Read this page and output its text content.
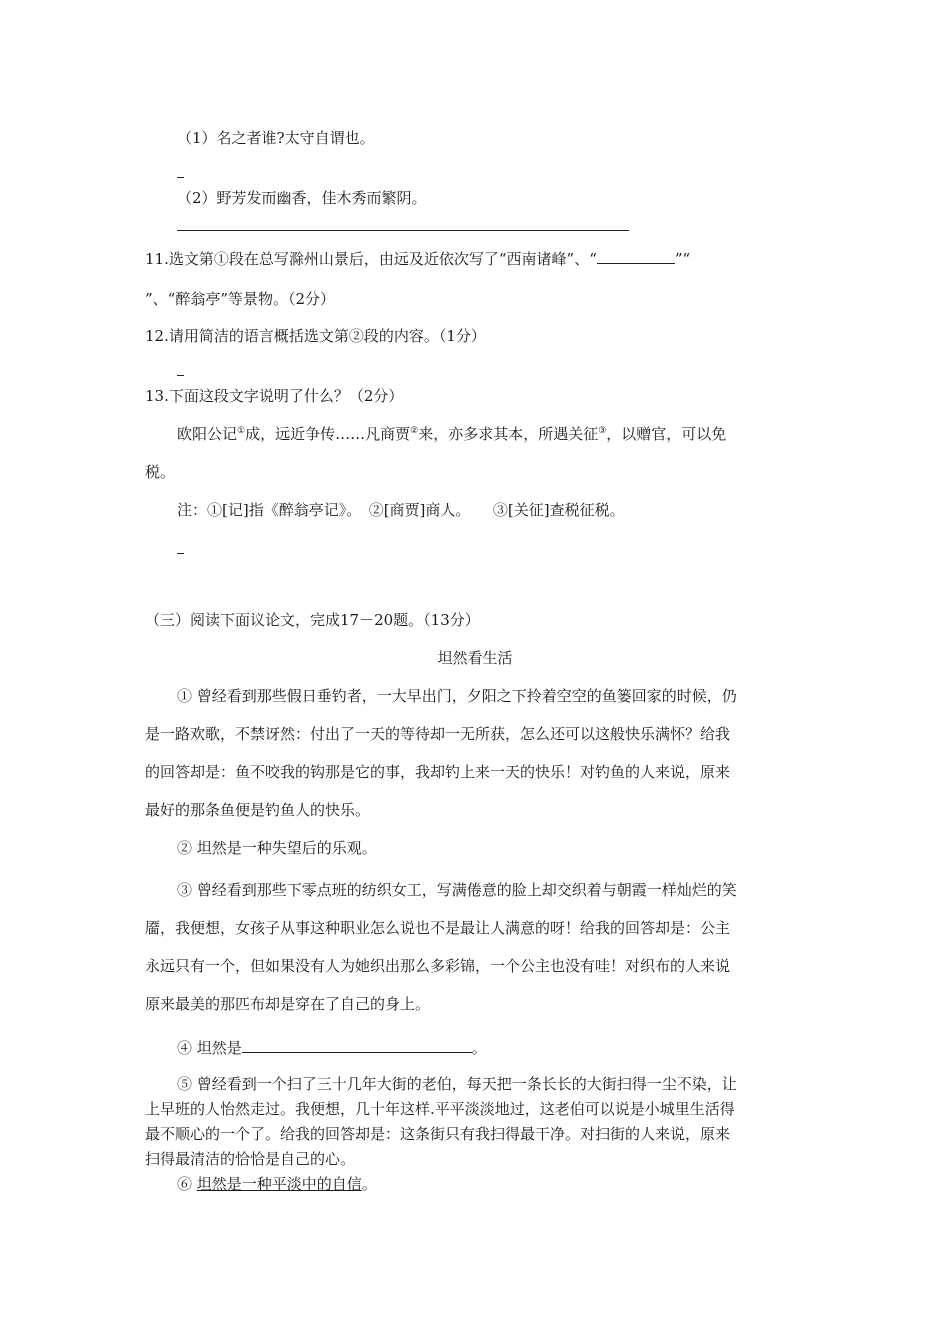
（1）名之者谁?太守自谓也。
（2）野芳发而幽香，佳木秀而繁阴。
11.选文第①段在总写滁州山景后，由远及近依次写了“西南诸峰”、“	”“
”、“醉翁亭”等景物。（2分）
12.请用简洁的语言概括选文第②段的内容。（1分）
13.下面这段文字说明了什么？（2分）
欧阳公记①成，远近争传……凡商贾②来，亦多求其本，所遇关征③，以赠官，可以免
税。
注：①[记]指《醉翁亭记》。　②[商贾]商人。　　③[关征]查税征税。
（三）阅读下面议论文，完成17－20题。（13分）
坦然看生活
① 曾经看到那些假日垂钓者，一大早出门，夕阳之下拎着空空的鱼篓回家的时候，仍
是一路欢歌，不禁讶然：付出了一天的等待却一无所获，怎么还可以这般快乐满怀？给我
的回答却是：鱼不咬我的钩那是它的事，我却钓上来一天的快乐！对钓鱼的人来说，原来
最好的那条鱼便是钓鱼人的快乐。
② 坦然是一种失望后的乐观。
③ 曾经看到那些下零点班的纺织女工，写满倦意的脸上却交织着与朝霞一样灿烂的笑
靥，我便想，女孩子从事这种职业怎么说也不是最让人满意的呀！给我的回答却是：公主
永远只有一个，但如果没有人为她织出那么多彩锦，一个公主也没有哇！对织布的人来说
原来最美的那匹布却是穿在了自己的身上。
④ 坦然是	。
⑤ 曾经看到一个扫了三十几年大街的老伯，每天把一条长长的大街扫得一尘不染，让
上早班的人怡然走过。我便想，几十年这样.平平淡淡地过，这老伯可以说是小城里生活得
最不顺心的一个了。给我的回答却是：这条街只有我扫得最干净。对扫街的人来说，原来
扫得最清洁的恰恰是自己的心。
⑥ 坦然是一种平淡中的自信。
